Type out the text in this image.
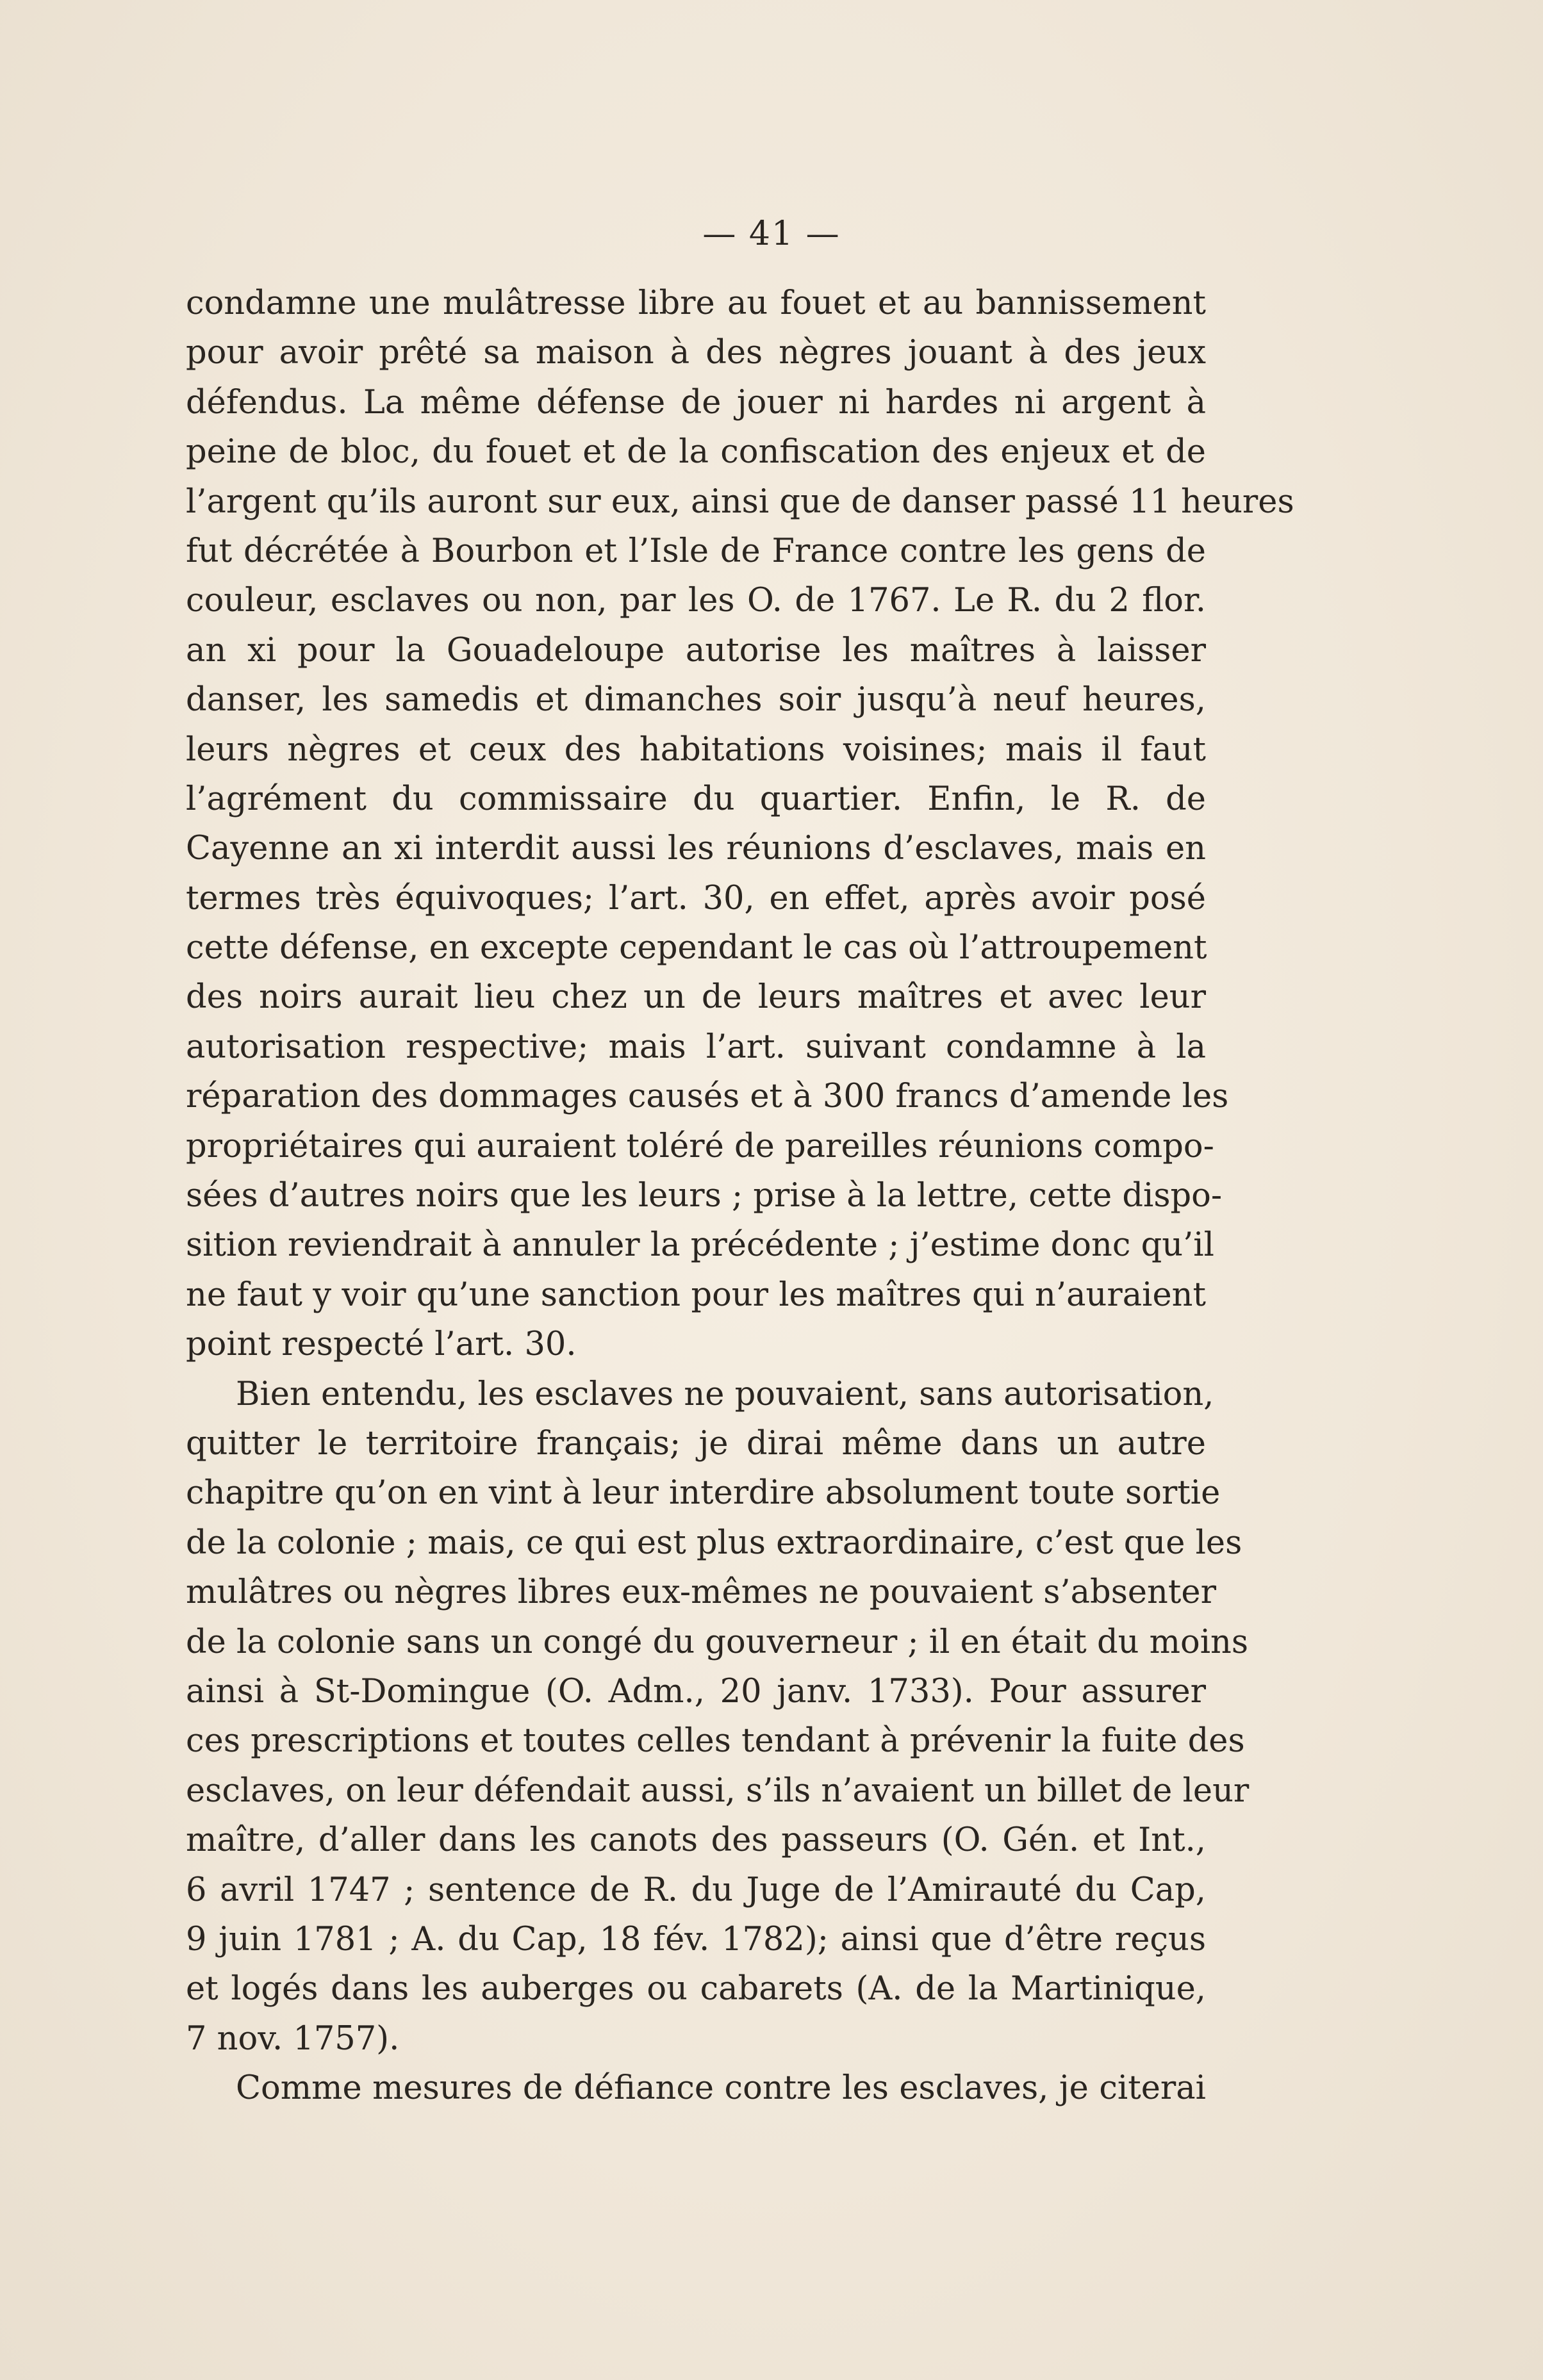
— 41 —
condamne une mulâtresse libre au fouet et au bannissement
pour avoir prêté sa maison à des nègres jouant à des jeux
défendus. La même défense de jouer ni hardes ni argent à
peine de bloc, du fouet et de la confiscation des enjeux et de
l’argent qu’ils auront sur eux, ainsi que de danser passé 11 heures
fut décrétée à Bourbon et l’Isle de France contre les gens de
couleur, esclaves ou non, par les O. de 1767. Le R. du 2 flor.
an xi pour la Gouadeloupe autorise les maîtres à laisser
danser, les samedis et dimanches soir jusqu’à neuf heures,
leurs nègres et ceux des habitations voisines; mais il faut
l’agrément du commissaire du quartier. Enfin, le R. de
Cayenne an xi interdit aussi les réunions d’esclaves, mais en
termes très équivoques; l’art. 30, en effet, après avoir posé
cette défense, en excepte cependant le cas où l’attroupement
des noirs aurait lieu chez un de leurs maîtres et avec leur
autorisation respective; mais l’art. suivant condamne à la
réparation des dommages causés et à 300 francs d’amende les
propriétaires qui auraient toléré de pareilles réunions compo-
sées d’autres noirs que les leurs ; prise à la lettre, cette dispo-
sition reviendrait à annuler la précédente ; j’estime donc qu’il
ne faut y voir qu’une sanction pour les maîtres qui n’auraient
point respecté l’art. 30.
Bien entendu, les esclaves ne pouvaient, sans autorisation,
quitter le territoire français; je dirai même dans un autre
chapitre qu’on en vint à leur interdire absolument toute sortie
de la colonie ; mais, ce qui est plus extraordinaire, c’est que les
mulâtres ou nègres libres eux-mêmes ne pouvaient s’absenter
de la colonie sans un congé du gouverneur ; il en était du moins
ainsi à St-Domingue (O. Adm., 20 janv. 1733). Pour assurer
ces prescriptions et toutes celles tendant à prévenir la fuite des
esclaves, on leur défendait aussi, s’ils n’avaient un billet de leur
maître, d’aller dans les canots des passeurs (O. Gén. et Int.,
6 avril 1747 ; sentence de R. du Juge de l’Amirauté du Cap,
9 juin 1781 ; A. du Cap, 18 fév. 1782); ainsi que d’être reçus
et logés dans les auberges ou cabarets (A. de la Martinique,
7 nov. 1757).
Comme mesures de défiance contre les esclaves, je citerai
